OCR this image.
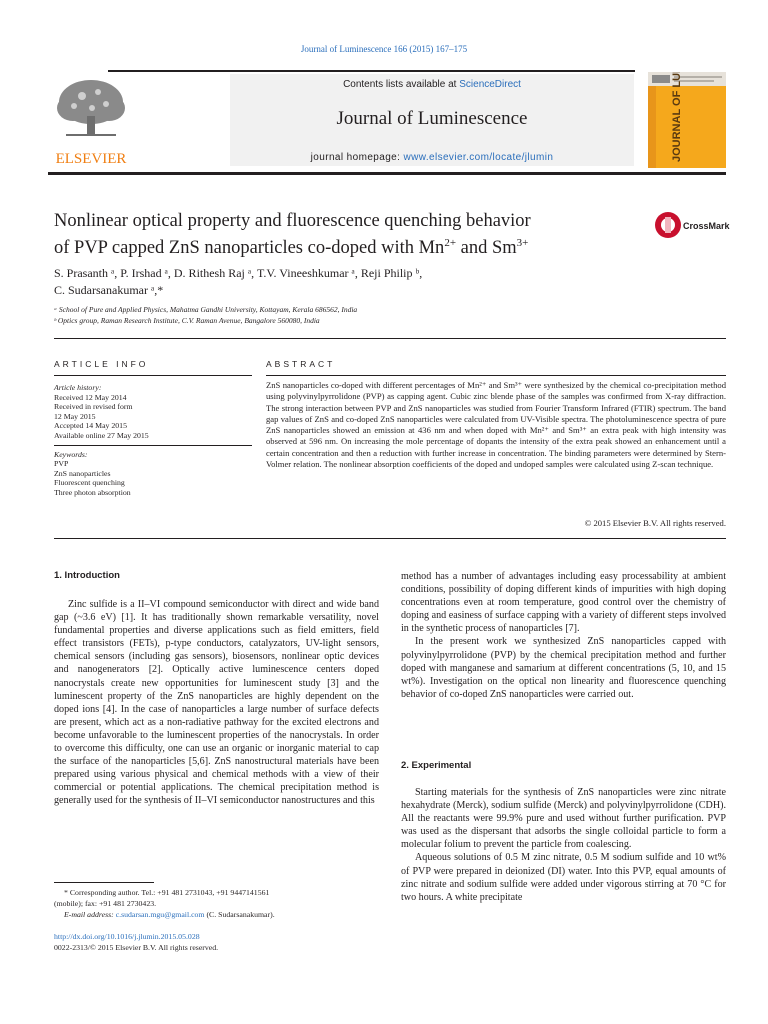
Journal of Luminescence 166 (2015) 167–175
ELSEVIER
Contents lists available at ScienceDirect
Journal of Luminescence
journal homepage: www.elsevier.com/locate/jlumin	JOURNAL OF LUMINESCENCE
Nonlinear optical property and fluorescence quenching behavior
of PVP capped ZnS nanoparticles co-doped with $Mn^{2+}$ and $Sm^{3+}$
CrossMark
S. Prasanth ᵃ, P. Irshad ᵃ, D. Rithesh Raj ᵃ, T.V. Vineeshkumar ᵃ, Reji Philip ᵇ,
C. Sudarsanakumar ᵃ,*
ᵃ School of Pure and Applied Physics, Mahatma Gandhi University, Kottayam, Kerala 686562, India
ᵇ Optics group, Raman Research Institute, C.V. Raman Avenue, Bangalore 560080, India
ARTICLE INFO	ABSTRACT
Article history:
Received 12 May 2014
Received in revised form
12 May 2015
Accepted 14 May 2015
Available online 27 May 2015
Keywords:
PVP
ZnS nanoparticles
Fluorescent quenching
Three photon absorption
ZnS nanoparticles co-doped with different percentages of Mn²⁺ and Sm³⁺ were synthesized by the chemical co-precipitation method using polyvinylpyrrolidone (PVP) as capping agent. Cubic zinc blende phase of the samples was confirmed from X-ray diffraction. The strong interaction between PVP and ZnS nanoparticles was studied from Fourier Transform Infrared (FTIR) spectrum. The band gap values of ZnS and co-doped ZnS nanoparticles were calculated from UV-Visible spectra. The photoluminescence spectra of pure ZnS nanoparticles showed an emission at 436 nm and when doped with Mn²⁺ and Sm³⁺ an extra peak with high intensity was observed at 596 nm. On increasing the mole percentage of dopants the intensity of the extra peak showed an enhancement until a certain concentration and then a reduction with further increase in concentration. The binding parameters were determined by Stern-Volmer relation. The nonlinear absorption coefficients of the doped and undoped samples were calculated using Z-scan technique.
© 2015 Elsevier B.V. All rights reserved.
1. Introduction

Zinc sulfide is a II–VI compound semiconductor with direct and wide band gap (~3.6 eV) [1]. It has traditionally shown remarkable versatility, novel fundamental properties and diverse applications such as field emitters, field effect transistors (FETs), p-type conductors, catalyzators, UV-light sensors, chemical sensors (including gas sensors), biosensors, nonlinear optic devices and nanogenerators [2]. Optically active luminescence centers doped nanocrystals create new opportunities for luminescent study [3] and the luminescent property of the ZnS nanoparticles are highly dependent on the doped ions [4]. In the case of nanoparticles a large number of surface defects are present, which act as a non-radiative pathway for the excited electrons and become unfavorable to the luminescent properties of the nanocrystals. In order to overcome this difficulty, one can use an organic or inorganic material to cap the surface of the nanoparticles [5,6]. ZnS nanostructural materials have been prepared using various physical and chemical methods with a view of their commercial or potential applications. The chemical precipitation method is generally used for the synthesis of II–VI semiconductor nanostructures and this

method has a number of advantages including easy processability at ambient conditions, possibility of doping different kinds of impurities with high doping concentrations even at room temperature, good control over the chemistry of doping and easiness of surface capping with a variety of different steps involved in the synthetic process of nanoparticles [7].

In the present work we synthesized ZnS nanoparticles capped with polyvinylpyrrolidone (PVP) by the chemical precipitation method and further doped with manganese and samarium at different concentrations (5, 10, and 15 wt%). Investigation on the optical non linearity and fluorescence quenching behavior of co-doped ZnS nanoparticles were carried out.

2. Experimental

Starting materials for the synthesis of ZnS nanoparticles were zinc nitrate hexahydrate (Merck), sodium sulfide (Merck) and polyvinylpyrrolidone (CDH). All the reactants were 99.9% pure and used without further purification. PVP was used as the dispersant that adsorbs the single colloidal particle to form a molecular folium to prevent the particle from coalescing.

Aqueous solutions of 0.5 M zinc nitrate, 0.5 M sodium sulfide and 10 wt% of PVP were prepared in deionized (DI) water. Into this PVP, equal amounts of zinc nitrate and sodium sulfide were added under vigorous stirring at 70 °C for two hours. A white precipitate

* Corresponding author. Tel.: +91 481 2731043, +91 9447141561
(mobile); fax: +91 481 2730423.
E-mail address: c.sudarsan.mgu@gmail.com (C. Sudarsanakumar).
http://dx.doi.org/10.1016/j.jlumin.2015.05.028
0022-2313/© 2015 Elsevier B.V. All rights reserved.
